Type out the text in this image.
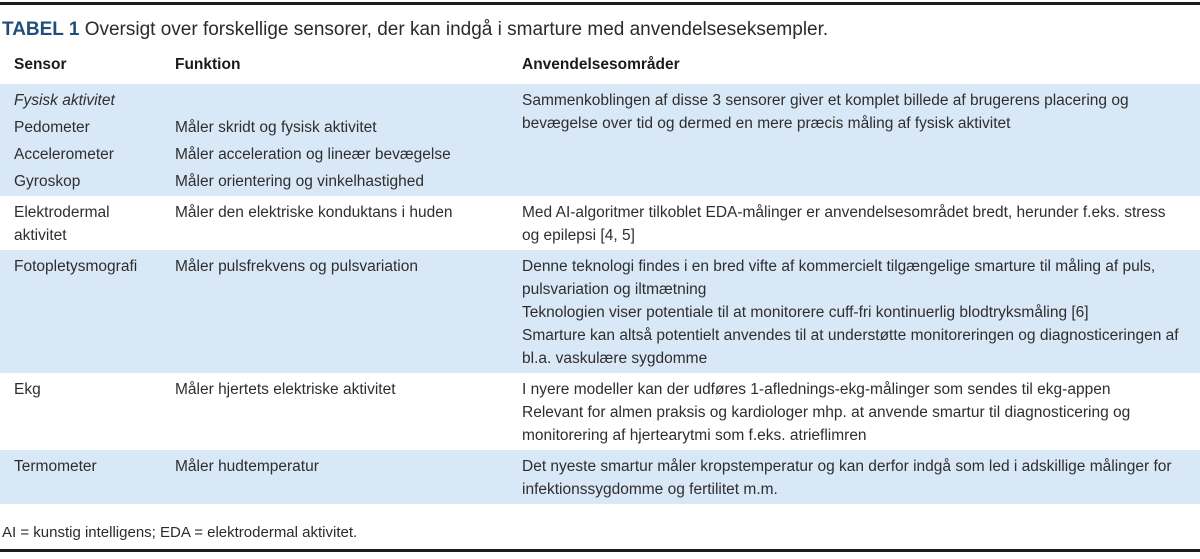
TABEL 1 Oversigt over forskellige sensorer, der kan indgå i smarture med anvendelseseksempler.
Sensor	Funktion	Anvendelsesområder
Fysisk aktivitet		Sammenkoblingen af disse 3 sensorer giver et komplet billede af brugerens placering og bevægelse over tid og dermed en mere præcis måling af fysisk aktivitet

Pedometer	Måler skridt og fysisk aktivitet	
Accelerometer	Måler acceleration og lineær bevægelse	
Gyroskop	Måler orientering og vinkelhastighed	
Elektrodermal aktivitet	Måler den elektriske konduktans i huden	Med AI-algoritmer tilkoblet EDA-målinger er anvendelsesområdet bredt, herunder f.eks. stress og epilepsi [4, 5]

Fotopletysmografi	Måler pulsfrekvens og pulsvariation	Denne teknologi findes i en bred vifte af kommercielt tilgængelige smarture til måling af puls, pulsvariation og iltmætning

Teknologien viser potentiale til at monitorere cuff-fri kontinuerlig blodtryksmåling [6]

Smarture kan altså potentielt anvendes til at understøtte monitoreringen og diagnosticeringen af bl.a. vaskulære sygdomme

Ekg	Måler hjertets elektriske aktivitet	I nyere modeller kan der udføres 1-aflednings-ekg-målinger som sendes til ekg-appen

Relevant for almen praksis og kardiologer mhp. at anvende smartur til diagnosticering og monitorering af hjertearytmi som f.eks. atrieflimren

Termometer	Måler hudtemperatur	Det nyeste smartur måler kropstemperatur og kan derfor indgå som led i adskillige målinger for infektionssygdomme og fertilitet m.m.

AI = kunstig intelligens; EDA = elektrodermal aktivitet.
